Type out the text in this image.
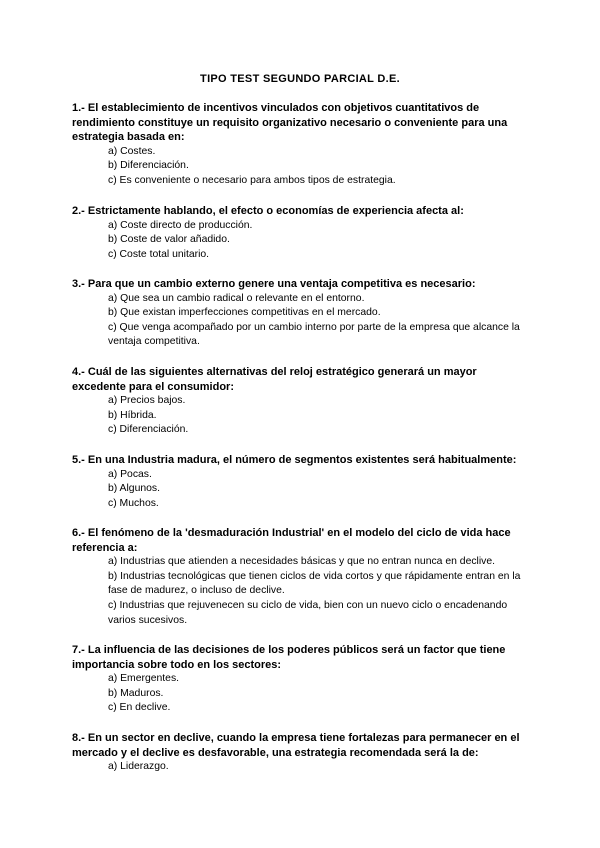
TIPO TEST SEGUNDO PARCIAL D.E.

1.- El establecimiento de incentivos vinculados con objetivos cuantitativos de rendimiento constituye un requisito organizativo necesario o conveniente para una estrategia basada en:

a) Costes.
b) Diferenciación.
c) Es conveniente o necesario para ambos tipos de estrategia.

2.- Estrictamente hablando, el efecto o economías de experiencia afecta al:

a) Coste directo de producción.
b) Coste de valor añadido.
c) Coste total unitario.

3.- Para que un cambio externo genere una ventaja competitiva es necesario:

a) Que sea un cambio radical o relevante en el entorno.
b) Que existan imperfecciones competitivas en el mercado.
c) Que venga acompañado por un cambio interno por parte de la empresa que alcance la ventaja competitiva.

4.- Cuál de las siguientes alternativas del reloj estratégico generará un mayor excedente para el consumidor:

a) Precios bajos.
b) Híbrida.
c) Diferenciación.

5.- En una Industria madura, el número de segmentos existentes será habitualmente:

a) Pocas.
b) Algunos.
c) Muchos.

6.- El fenómeno de la 'desmaduración Industrial' en el modelo del ciclo de vida hace referencia a:

a) Industrias que atienden a necesidades básicas y que no entran nunca en declive.
b) Industrias tecnológicas que tienen ciclos de vida cortos y que rápidamente entran en la fase de madurez, o incluso de declive.
c) Industrias que rejuvenecen su ciclo de vida, bien con un nuevo ciclo o encadenando varios sucesivos.

7.- La influencia de las decisiones de los poderes públicos será un factor que tiene importancia sobre todo en los sectores:

a) Emergentes.
b) Maduros.
c) En declive.

8.- En un sector en declive, cuando la empresa tiene fortalezas para permanecer en el mercado y el declive es desfavorable, una estrategia recomendada será la de:

a) Liderazgo.
